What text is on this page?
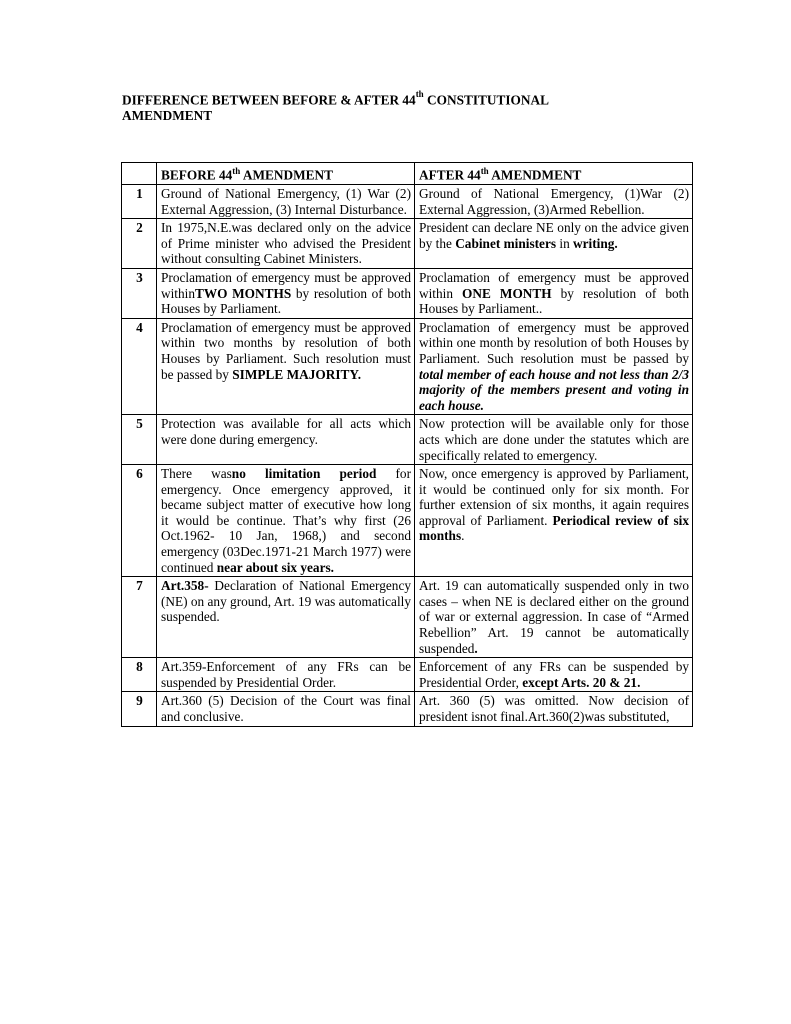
DIFFERENCE BETWEEN BEFORE & AFTER 44th CONSTITUTIONAL
AMENDMENT
	BEFORE 44th AMENDMENT	AFTER 44th AMENDMENT
1	Ground of National Emergency, (1) War (2) External Aggression, (3) Internal Disturbance.	Ground of National Emergency, (1)War (2) External Aggression, (3)Armed Rebellion.
2	In 1975,N.E.was declared only on the advice of Prime minister who advised the President without consulting Cabinet Ministers.	President can declare NE only on the advice given by the Cabinet ministers in writing.
3	Proclamation of emergency must be approved withinTWO MONTHS by resolution of both Houses by Parliament.	Proclamation of emergency must be approved within ONE MONTH by resolution of both Houses by Parliament..
4	Proclamation of emergency must be approved within two months by resolution of both Houses by Parliament. Such resolution must be passed by SIMPLE MAJORITY.	Proclamation of emergency must be approved within one month by resolution of both Houses by Parliament. Such resolution must be passed by total member of each house and not less than 2/3 majority of the members present and voting in each house.
5	Protection was available for all acts which were done during emergency.	Now protection will be available only for those acts which are done under the statutes which are specifically related to emergency.
6	There wasno limitation period for emergency. Once emergency approved, it became subject matter of executive how long it would be continue. That’s why first (26 Oct.1962- 10 Jan, 1968,) and second emergency (03Dec.1971-21 March 1977) were continued near about six years.	Now, once emergency is approved by Parliament, it would be continued only for six month. For further extension of six months, it again requires approval of Parliament. Periodical review of six months.
7	Art.358- Declaration of National Emergency (NE) on any ground, Art. 19 was automatically suspended.	Art. 19 can automatically suspended only in two cases – when NE is declared either on the ground of war or external aggression. In case of “Armed Rebellion” Art. 19 cannot be automatically suspended.
8	Art.359-Enforcement of any FRs can be suspended by Presidential Order.	Enforcement of any FRs can be suspended by Presidential Order, except Arts. 20 & 21.
9	Art.360 (5) Decision of the Court was final and conclusive.	Art. 360 (5) was omitted. Now decision of president isnot final.Art.360(2)was substituted,
